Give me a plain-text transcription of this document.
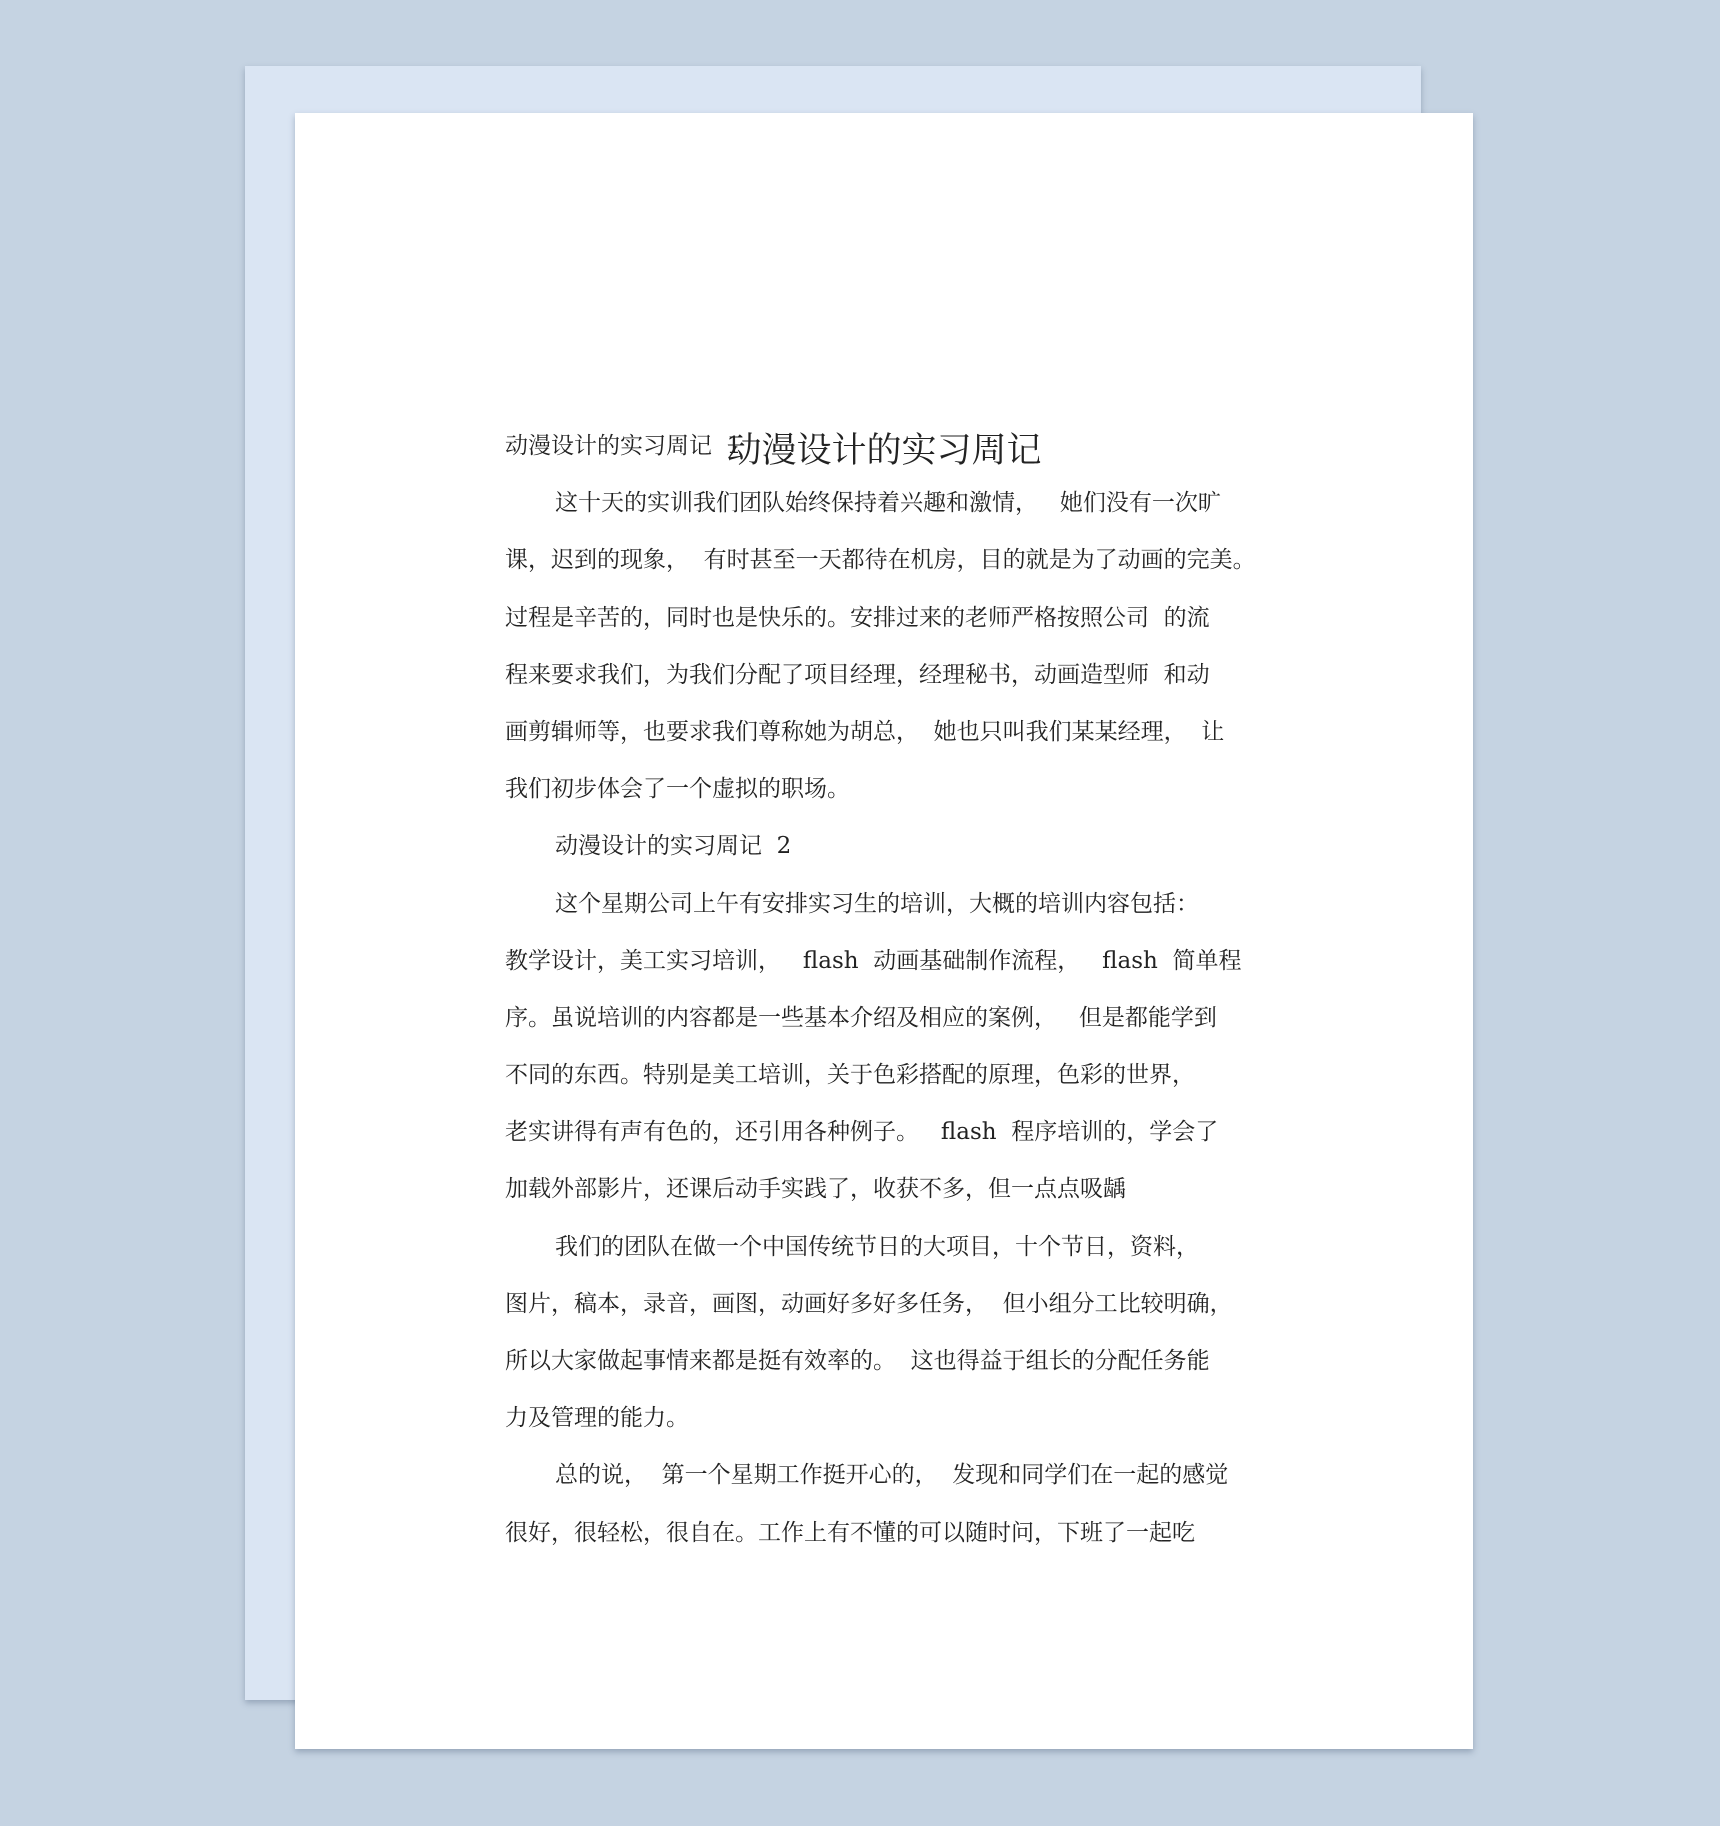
动漫设计的实习周记
动漫设计的实习周记  1
这十天的实训我们团队始终保持着兴趣和激情，   她们没有一次旷
课，迟到的现象，  有时甚至一天都待在机房，目的就是为了动画的完美。
过程是辛苦的，同时也是快乐的。安排过来的老师严格按照公司  的流
程来要求我们，为我们分配了项目经理，经理秘书，动画造型师  和动
画剪辑师等，也要求我们尊称她为胡总，  她也只叫我们某某经理，  让
我们初步体会了一个虚拟的职场。
动漫设计的实习周记  2
这个星期公司上午有安排实习生的培训，大概的培训内容包括：
教学设计，美工实习培训，   flash  动画基础制作流程，   flash  简单程
序。虽说培训的内容都是一些基本介绍及相应的案例，   但是都能学到
不同的东西。特别是美工培训，关于色彩搭配的原理，色彩的世界，
老实讲得有声有色的，还引用各种例子。   flash  程序培训的，学会了
加载外部影片，还课后动手实践了，收获不多，但一点点吸龋
我们的团队在做一个中国传统节日的大项目，十个节日，资料，
图片，稿本，录音，画图，动画好多好多任务，  但小组分工比较明确，
所以大家做起事情来都是挺有效率的。  这也得益于组长的分配任务能
力及管理的能力。
总的说，  第一个星期工作挺开心的，  发现和同学们在一起的感觉
很好，很轻松，很自在。工作上有不懂的可以随时问，下班了一起吃
